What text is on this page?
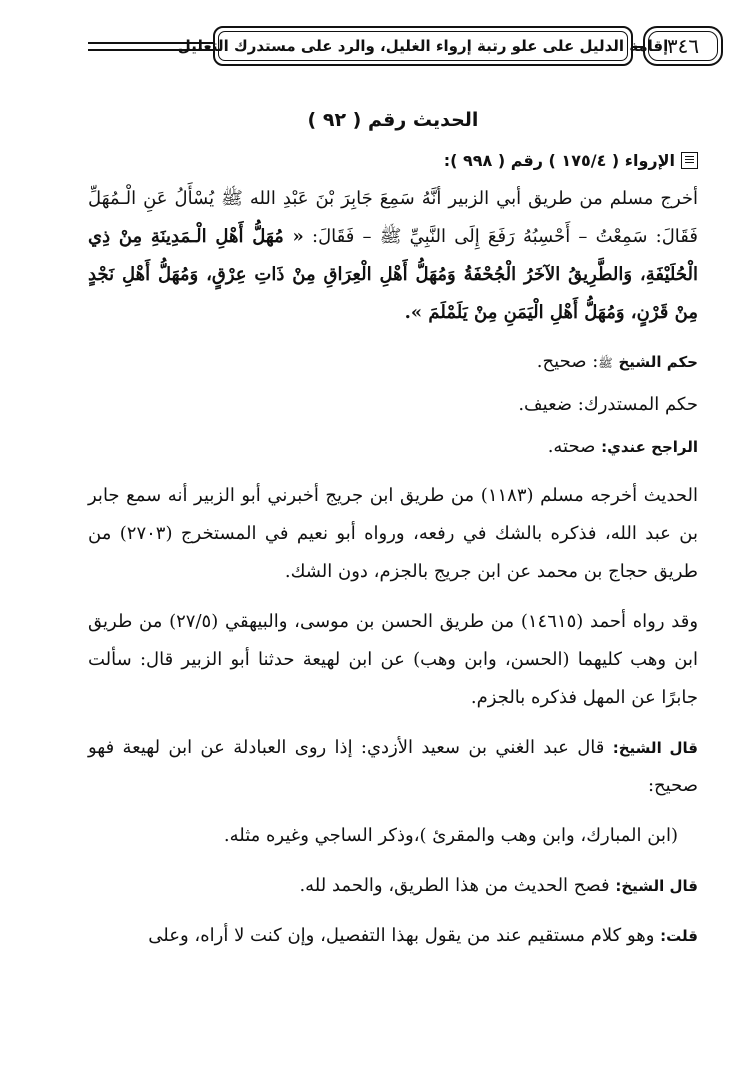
إقامة الدليل على علو رتبة إرواء الغليل، والرد على مستدرك التعليل
٣٤٦
الحديث رقم ( ٩٢ )
الإرواء ( ١٧٥/٤ ) رقم ( ٩٩٨ ):

أخرج مسلم من طريق أبي الزبير أنَّهُ سَمِعَ جَابِرَ بْنَ عَبْدِ الله ﷺ يُسْأَلُ عَنِ الْـمُهَلِّ فَقَالَ: سَمِعْتُ – أَحْسِبُهُ رَفَعَ إِلَى النَّبِيِّ ﷺ – فَقَالَ: « مُهَلُّ أَهْلِ الْـمَدِينَةِ مِنْ ذِي الْحُلَيْفَةِ، وَالطَّرِيقُ الآخَرُ الْجُحْفَةُ وَمُهَلُّ أَهْلِ الْعِرَاقِ مِنْ ذَاتِ عِرْقٍ، وَمُهَلُّ أَهْلِ نَجْدٍ مِنْ قَرْنٍ، وَمُهَلُّ أَهْلِ الْيَمَنِ مِنْ يَلَمْلَمَ ».

حكم الشيخ ﷺ: صحيح.

حكم المستدرك: ضعيف.

الراجح عندي: صحته.

الحديث أخرجه مسلم (١١٨٣) من طريق ابن جريج أخبرني أبو الزبير أنه سمع جابر بن عبد الله، فذكره بالشك في رفعه، ورواه أبو نعيم في المستخرج (٢٧٠٣) من طريق حجاج بن محمد عن ابن جريج بالجزم، دون الشك.

وقد رواه أحمد (١٤٦١٥) من طريق الحسن بن موسى، والبيهقي (٢٧/٥) من طريق ابن وهب كليهما (الحسن، وابن وهب) عن ابن لهيعة حدثنا أبو الزبير قال: سألت جابرًا عن المهل فذكره بالجزم.

قال الشيخ: قال عبد الغني بن سعيد الأزدي: إذا روى العبادلة عن ابن لهيعة فهو صحيح:

(ابن المبارك، وابن وهب والمقرئ )،وذكر الساجي وغيره مثله.

قال الشيخ: فصح الحديث من هذا الطريق، والحمد لله.

قلت: وهو كلام مستقيم عند من يقول بهذا التفصيل، وإن كنت لا أراه، وعلى
